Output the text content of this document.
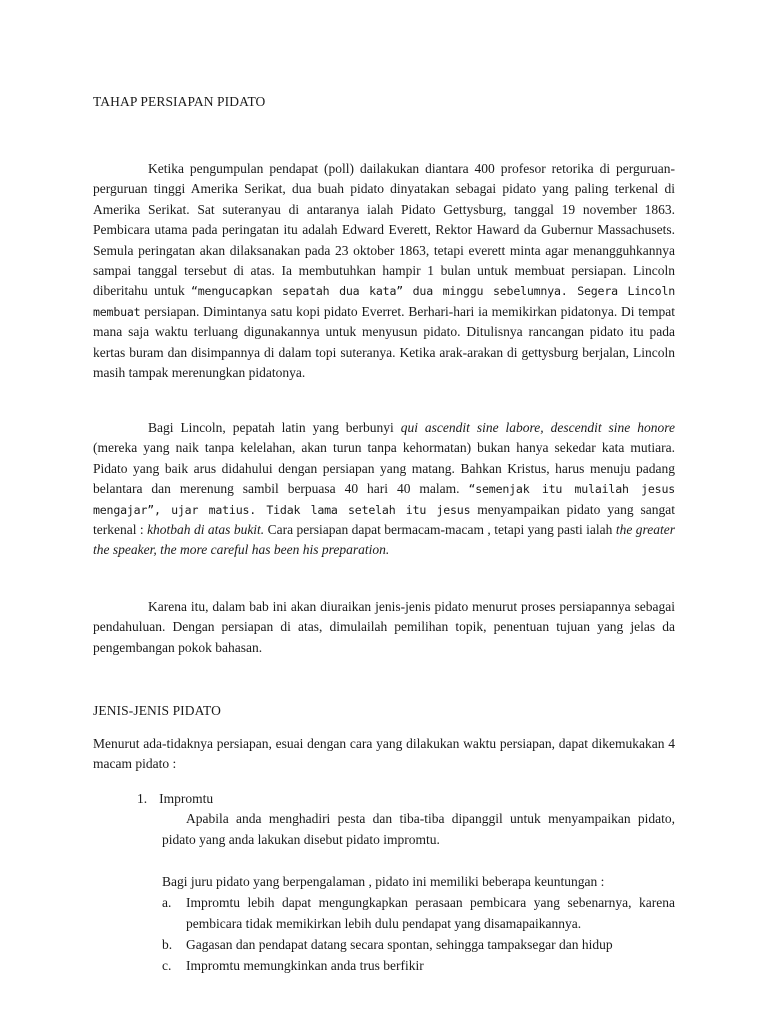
TAHAP PERSIAPAN PIDATO

Ketika pengumpulan pendapat (poll) dailakukan diantara 400 profesor retorika di perguruan-perguruan tinggi Amerika Serikat, dua buah pidato dinyatakan sebagai pidato yang paling terkenal di Amerika Serikat. Sat suteranyau di antaranya ialah Pidato Gettysburg, tanggal 19 november 1863. Pembicara utama pada peringatan itu adalah Edward Everett, Rektor Haward da Gubernur Massachusets. Semula peringatan akan dilaksanakan pada 23 oktober 1863, tetapi everett minta agar menangguhkannya sampai tanggal tersebut di atas. Ia membutuhkan hampir 1 bulan untuk membuat persiapan. Lincoln diberitahu untuk “mengucapkan sepatah dua kata” dua minggu sebelumnya. Segera Lincoln membuat persiapan. Dimintanya satu kopi pidato Everret. Berhari-hari ia memikirkan pidatonya. Di tempat mana saja waktu terluang digunakannya untuk menyusun pidato. Ditulisnya rancangan pidato itu pada kertas buram dan disimpannya di dalam topi suteranya. Ketika arak-arakan di gettysburg berjalan, Lincoln masih tampak merenungkan pidatonya.

Bagi Lincoln, pepatah latin yang berbunyi qui ascendit sine labore, descendit sine honore (mereka yang naik tanpa kelelahan, akan turun tanpa kehormatan) bukan hanya sekedar kata mutiara. Pidato yang baik arus didahului dengan persiapan yang matang. Bahkan Kristus, harus menuju padang belantara dan merenung sambil berpuasa 40 hari 40 malam. “semenjak itu mulailah jesus mengajar”, ujar matius. Tidak lama setelah itu jesus menyampaikan pidato yang sangat terkenal : khotbah di atas bukit. Cara persiapan dapat bermacam-macam , tetapi yang pasti ialah the greater the speaker, the more careful has been his preparation.

Karena itu, dalam bab ini akan diuraikan jenis-jenis pidato menurut proses persiapannya sebagai pendahuluan. Dengan persiapan di atas, dimulailah pemilihan topik, penentuan tujuan yang jelas da pengembangan pokok bahasan.

JENIS-JENIS PIDATO

Menurut ada-tidaknya persiapan, esuai dengan cara yang dilakukan waktu persiapan, dapat dikemukakan 4 macam pidato :

1. Impromtu

Apabila anda menghadiri pesta dan tiba-tiba dipanggil untuk menyampaikan pidato, pidato yang anda lakukan disebut pidato impromtu.

Bagi juru pidato yang berpengalaman , pidato ini memiliki beberapa keuntungan :

a.	Impromtu lebih dapat mengungkapkan perasaan pembicara yang sebenarnya, karena pembicara tidak memikirkan lebih dulu pendapat yang disamapaikannya.
b.	Gagasan dan pendapat datang secara spontan, sehingga tampaksegar dan hidup
c.	Impromtu memungkinkan anda trus berfikir
